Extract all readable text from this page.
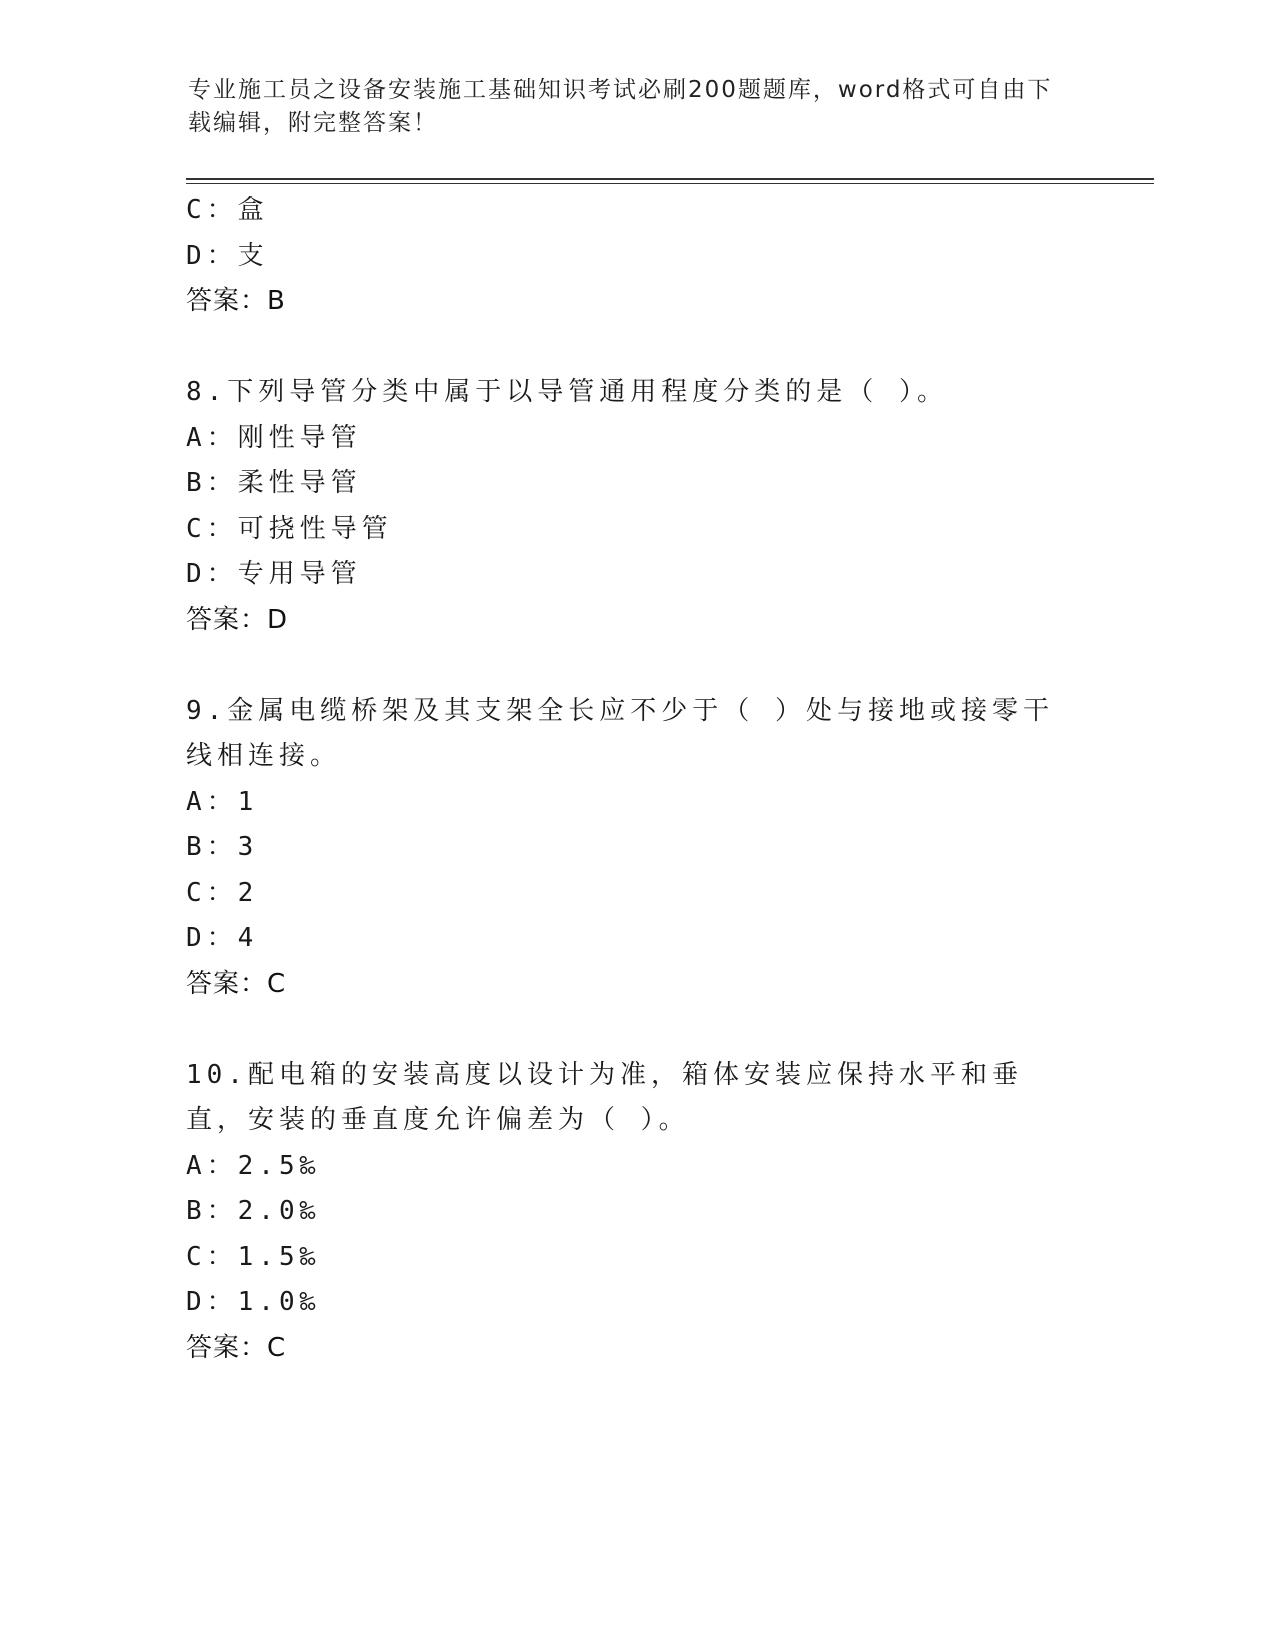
专业施工员之设备安装施工基础知识考试必刷200题题库，word格式可自由下载编辑，附完整答案！
C：盒
D：支
答案：B
8.下列导管分类中属于以导管通用程度分类的是（ ）。
A：刚性导管
B：柔性导管
C：可挠性导管
D：专用导管
答案：D
9.金属电缆桥架及其支架全长应不少于（ ）处与接地或接零干线相连接。
A：1
B：3
C：2
D：4
答案：C
10.配电箱的安装高度以设计为准，箱体安装应保持水平和垂直，安装的垂直度允许偏差为（ ）。
A：2.5‰
B：2.0‰
C：1.5‰
D：1.0‰
答案：C
